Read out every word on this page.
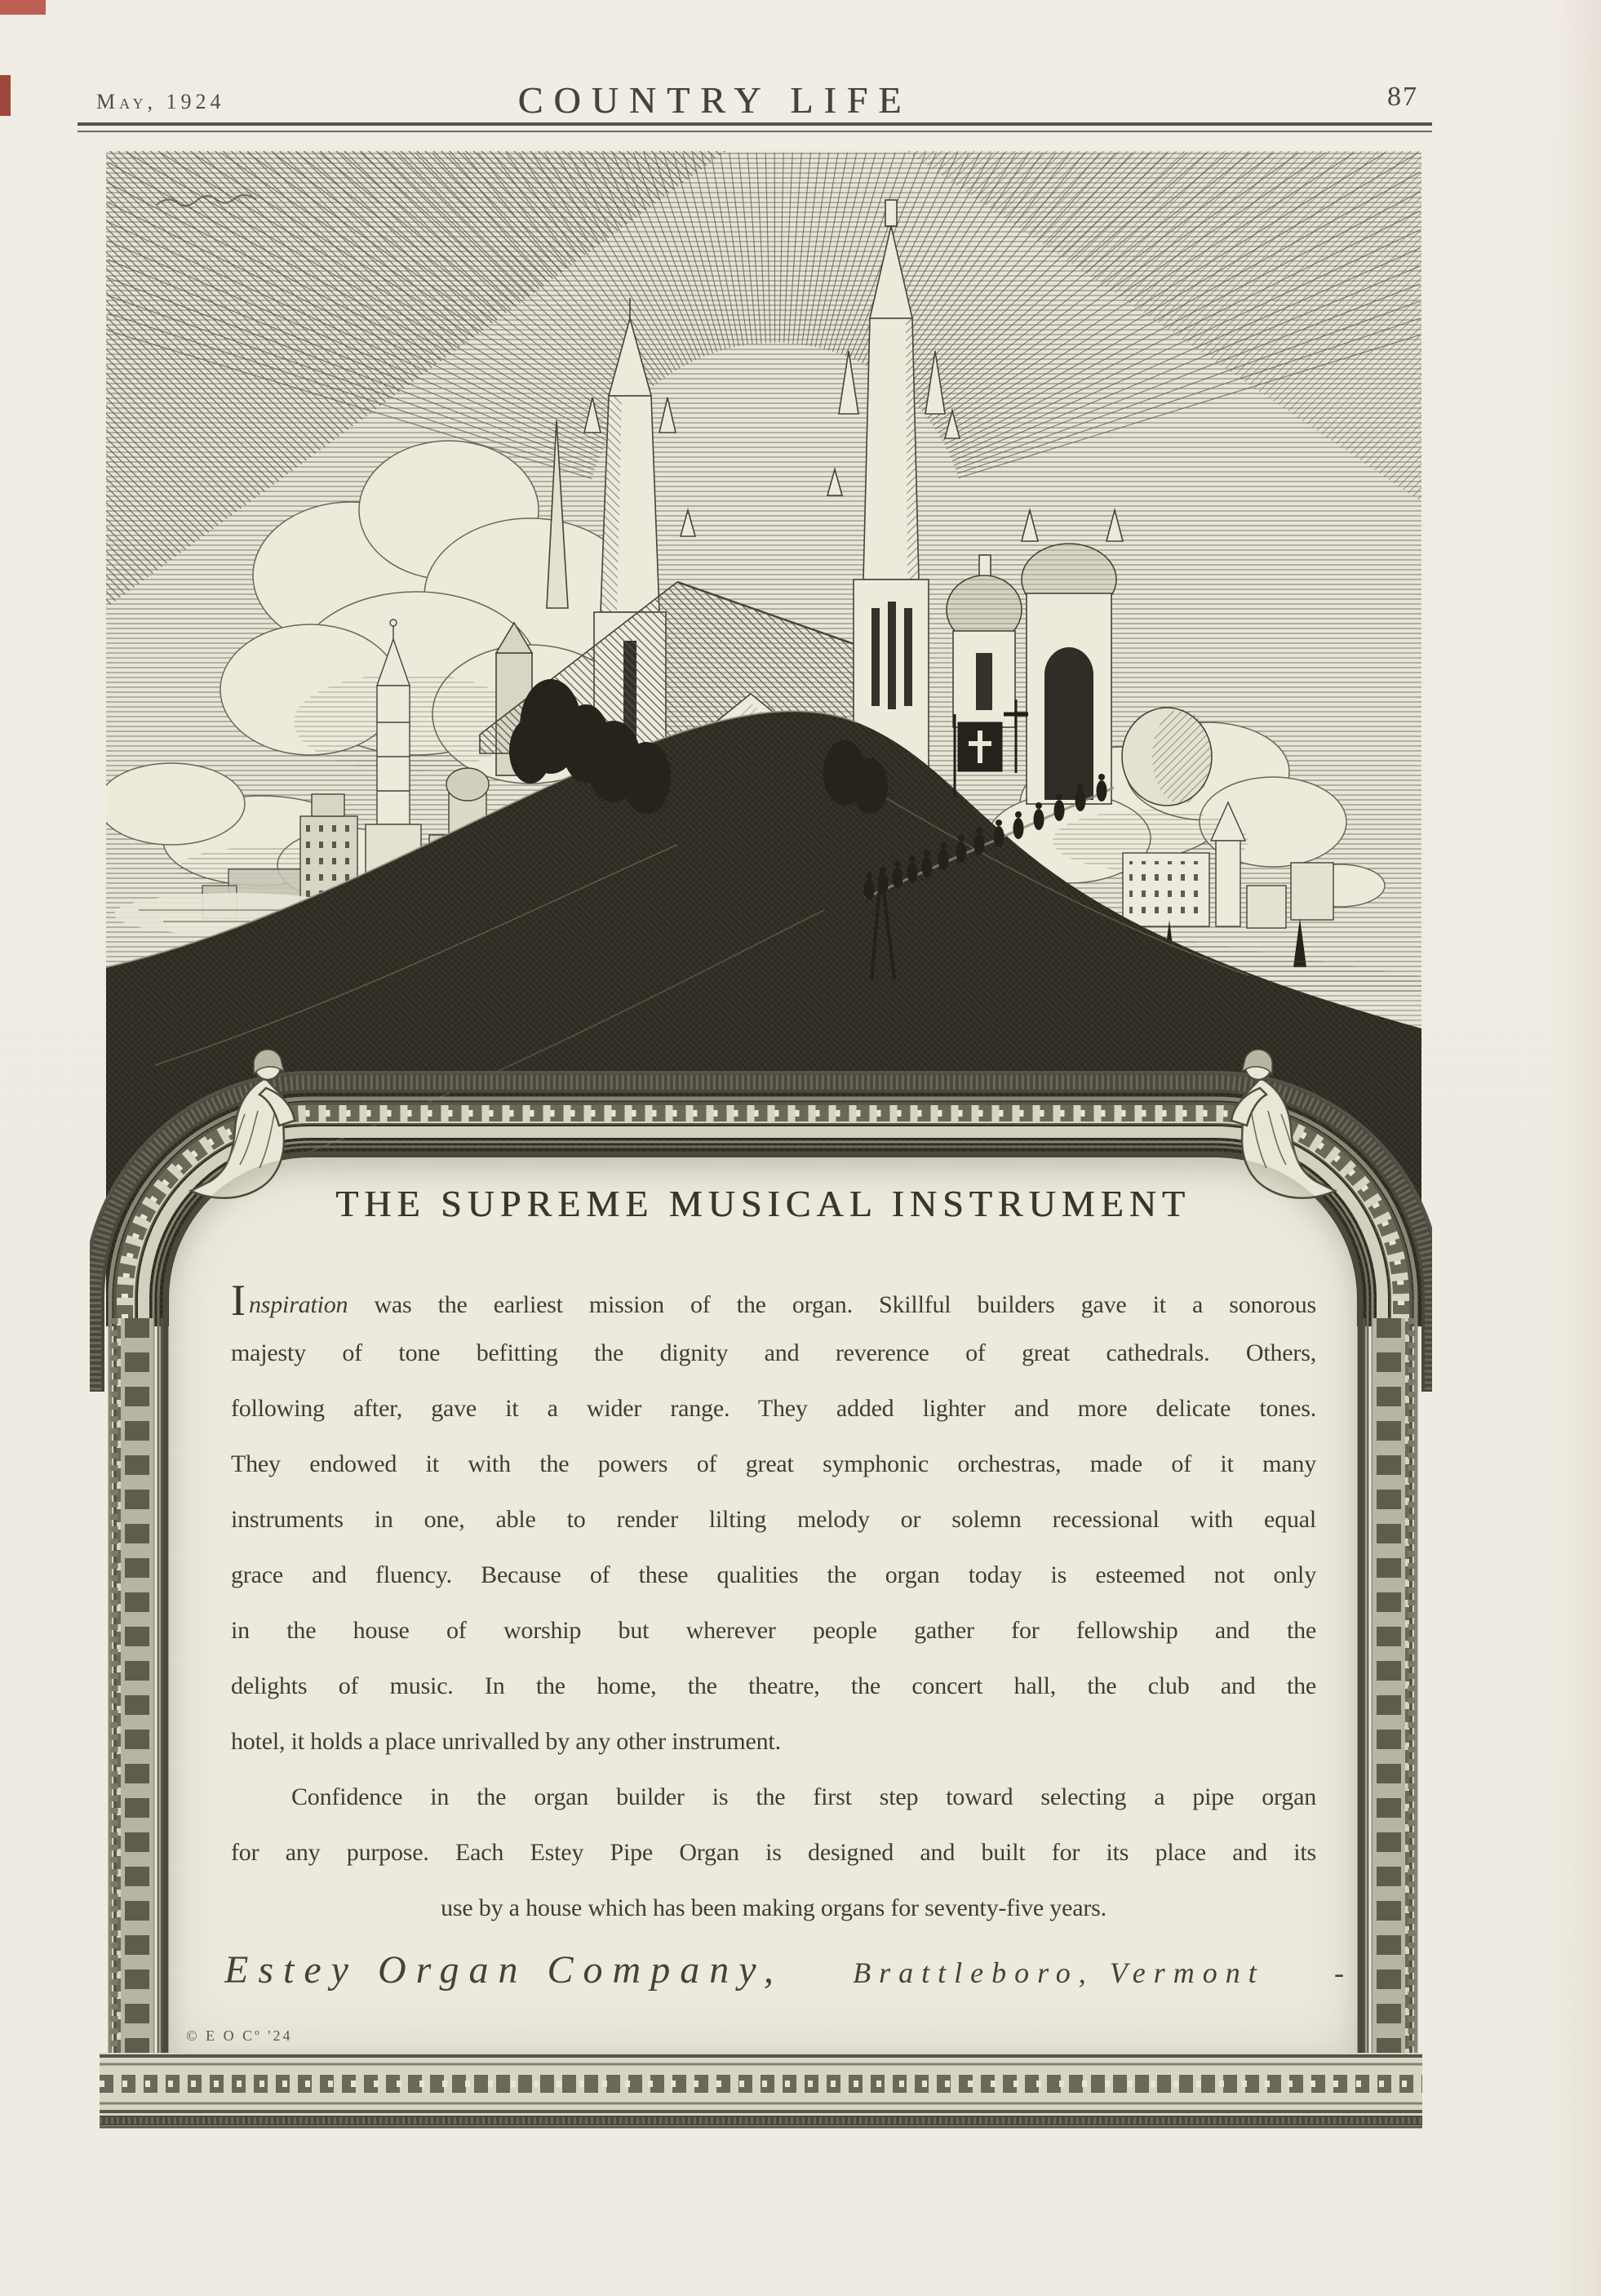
May, 1924	COUNTRY LIFE	87
THE SUPREME MUSICAL INSTRUMENT
Inspiration was the earliest mission of the organ. Skillful builders gave it a sonorous
majesty of tone befitting the dignity and reverence of great cathedrals. Others,
following after, gave it a wider range. They added lighter and more delicate tones.
They endowed it with the powers of great symphonic orchestras, made of it many
instruments in one, able to render lilting melody or solemn recessional with equal
grace and fluency. Because of these qualities the organ today is esteemed not only
in the house of worship but wherever people gather for fellowship and the
delights of music. In the home, the theatre, the concert hall, the club and the
hotel, it holds a place unrivalled by any other instrument.
Confidence in the organ builder is the first step toward selecting a pipe organ
for any purpose. Each Estey Pipe Organ is designed and built for its place and its
use by a house which has been making organs for seventy-five years.
Estey Organ Company, Brattleboro, Vermont -
© E O Cº '24
